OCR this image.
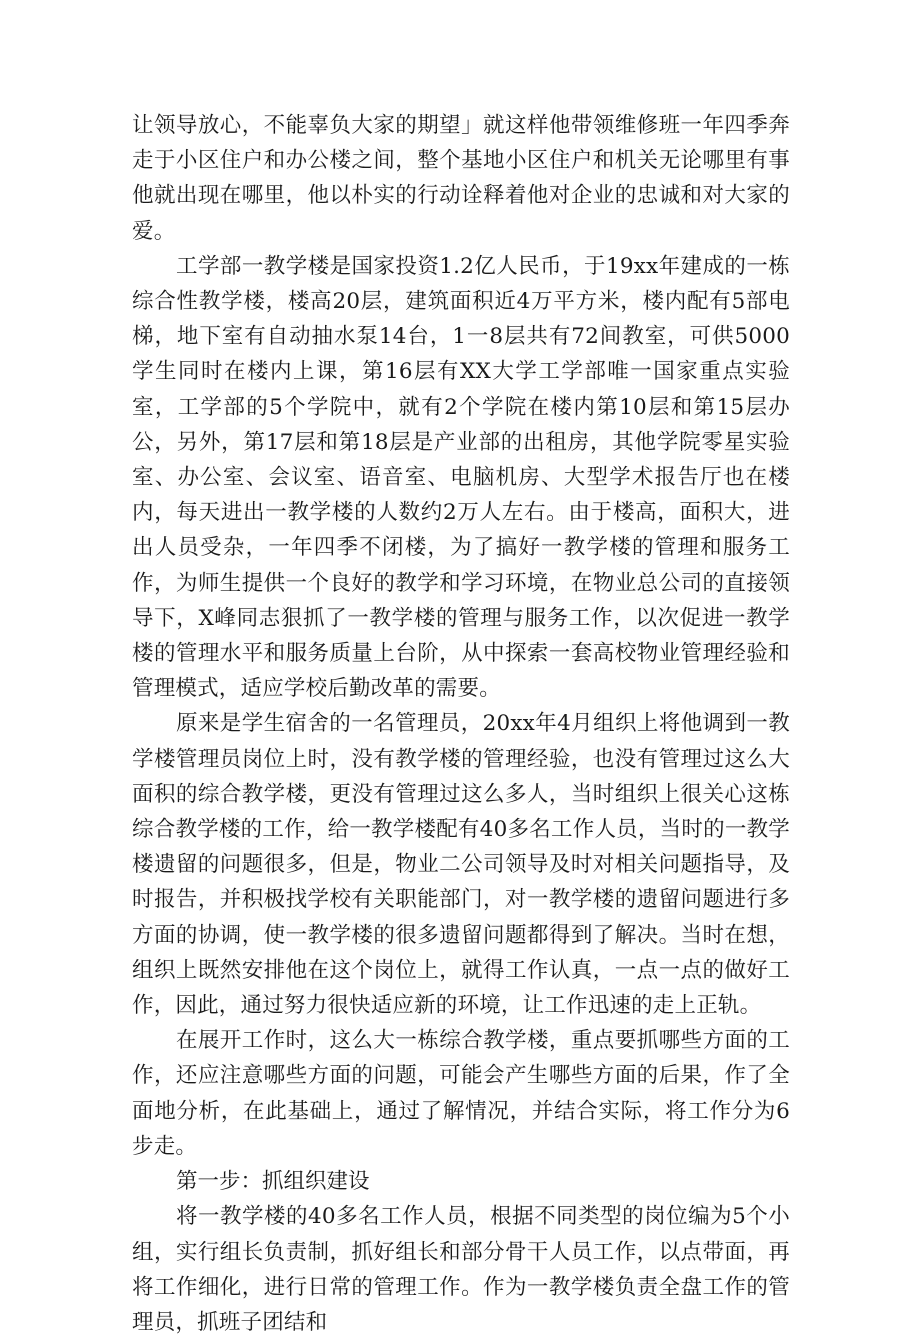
让领导放心，不能辜负大家的期望」就这样他带领维修班一年四季奔走于小区住户和办公楼之间，整个基地小区住户和机关无论哪里有事他就出现在哪里，他以朴实的行动诠释着他对企业的忠诚和对大家的爱。

工学部一教学楼是国家投资1.2亿人民币，于19xx年建成的一栋综合性教学楼，楼高20层，建筑面积近4万平方米，楼内配有5部电梯，地下室有自动抽水泵14台，1一8层共有72间教室，可供5000学生同时在楼内上课，第16层有XX大学工学部唯一国家重点实验室，工学部的5个学院中，就有2个学院在楼内第10层和第15层办公，另外，第17层和第18层是产业部的出租房，其他学院零星实验室、办公室、会议室、语音室、电脑机房、大型学术报告厅也在楼内，每天进出一教学楼的人数约2万人左右。由于楼高，面积大，进出人员受杂，一年四季不闭楼，为了搞好一教学楼的管理和服务工作，为师生提供一个良好的教学和学习环境，在物业总公司的直接领导下，X峰同志狠抓了一教学楼的管理与服务工作，以次促进一教学楼的管理水平和服务质量上台阶，从中探索一套高校物业管理经验和管理模式，适应学校后勤改革的需要。

原来是学生宿舍的一名管理员，20xx年4月组织上将他调到一教学楼管理员岗位上时，没有教学楼的管理经验，也没有管理过这么大面积的综合教学楼，更没有管理过这么多人，当时组织上很关心这栋综合教学楼的工作，给一教学楼配有40多名工作人员，当时的一教学楼遗留的问题很多，但是，物业二公司领导及时对相关问题指导，及时报告，并积极找学校有关职能部门，对一教学楼的遗留问题进行多方面的协调，使一教学楼的很多遗留问题都得到了解决。当时在想，组织上既然安排他在这个岗位上，就得工作认真，一点一点的做好工作，因此，通过努力很快适应新的环境，让工作迅速的走上正轨。

在展开工作时，这么大一栋综合教学楼，重点要抓哪些方面的工作，还应注意哪些方面的问题，可能会产生哪些方面的后果，作了全面地分析，在此基础上，通过了解情况，并结合实际，将工作分为6步走。

第一步：抓组织建设

将一教学楼的40多名工作人员，根据不同类型的岗位编为5个小组，实行组长负责制，抓好组长和部分骨干人员工作，以点带面，再将工作细化，进行日常的管理工作。作为一教学楼负责全盘工作的管理员，抓班子团结和
